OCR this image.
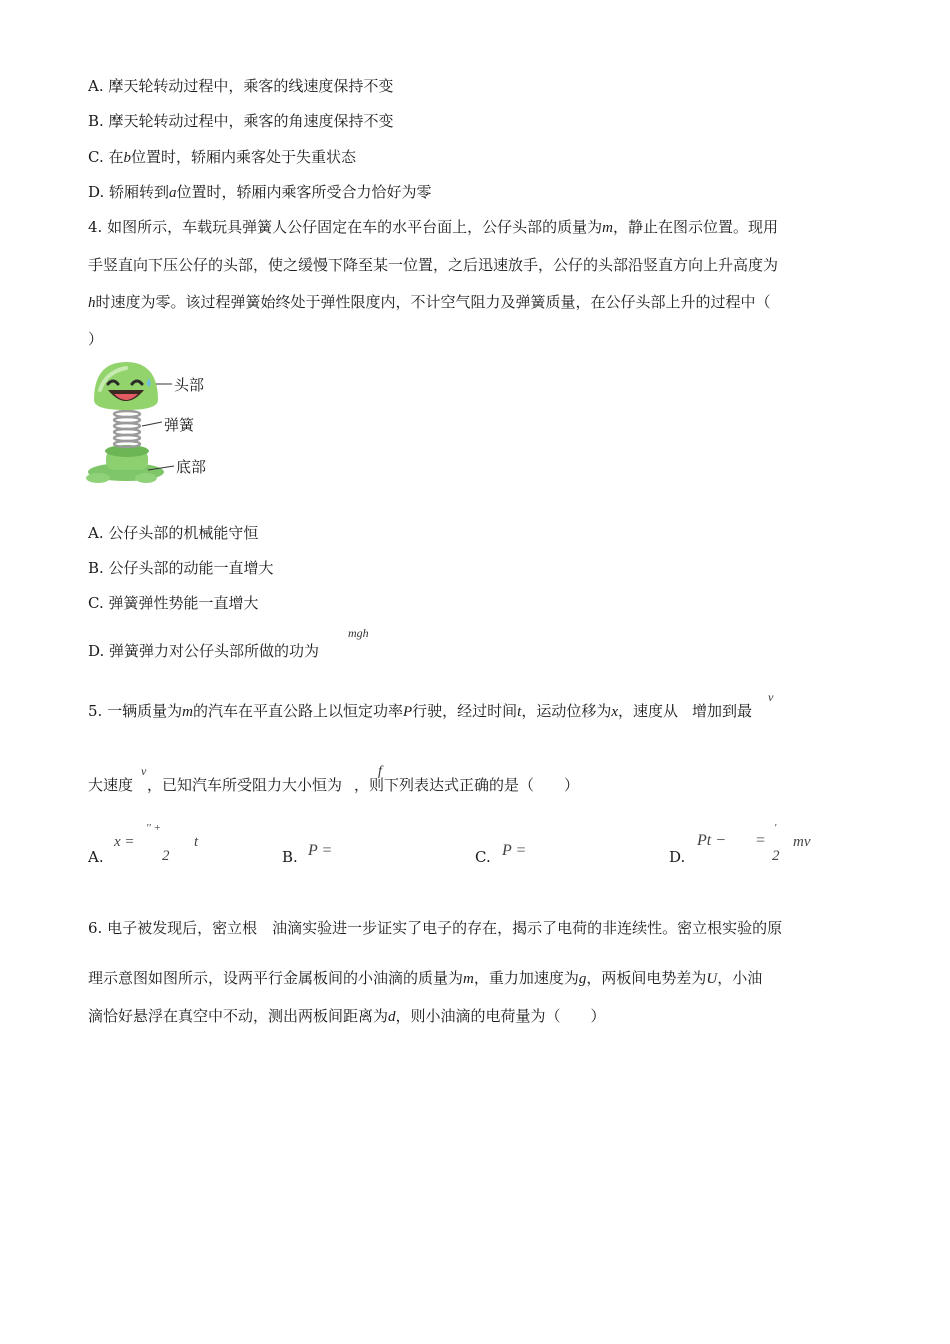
A. 摩天轮转动过程中，乘客的线速度保持不变
B. 摩天轮转动过程中，乘客的角速度保持不变
C. 在b位置时，轿厢内乘客处于失重状态
D. 轿厢转到a位置时，轿厢内乘客所受合力恰好为零
4. 如图所示，车载玩具弹簧人公仔固定在车的水平台面上，公仔头部的质量为m，静止在图示位置。现用
手竖直向下压公仔的头部，使之缓慢下降至某一位置，之后迅速放手，公仔的头部沿竖直方向上升高度为
h时速度为零。该过程弹簧始终处于弹性限度内，不计空气阻力及弹簧质量，在公仔头部上升的过程中（
）
头部
弹簧
底部
A. 公仔头部的机械能守恒
B. 公仔头部的动能一直增大
C. 弹簧弹性势能一直增大
D. 弹簧弹力对公仔头部所做的功为
mgh
5. 一辆质量为m的汽车在平直公路上以恒定功率P行驶，经过时间t，运动位移为x，速度从 增加到最
v
大速度 ，已知汽车所受阻力大小恒为 ，则下列表达式正确的是（　　）
v	f
A.
x =
'' +
2
t
B. P =	C. P =	D.
Pt − =
'
2
mv
6. 电子被发现后，密立根　油滴实验进一步证实了电子的存在，揭示了电荷的非连续性。密立根实验的原
理示意图如图所示，设两平行金属板间的小油滴的质量为m，重力加速度为g，两板间电势差为U，小油
滴恰好悬浮在真空中不动，测出两板间距离为d，则小油滴的电荷量为（　　）
